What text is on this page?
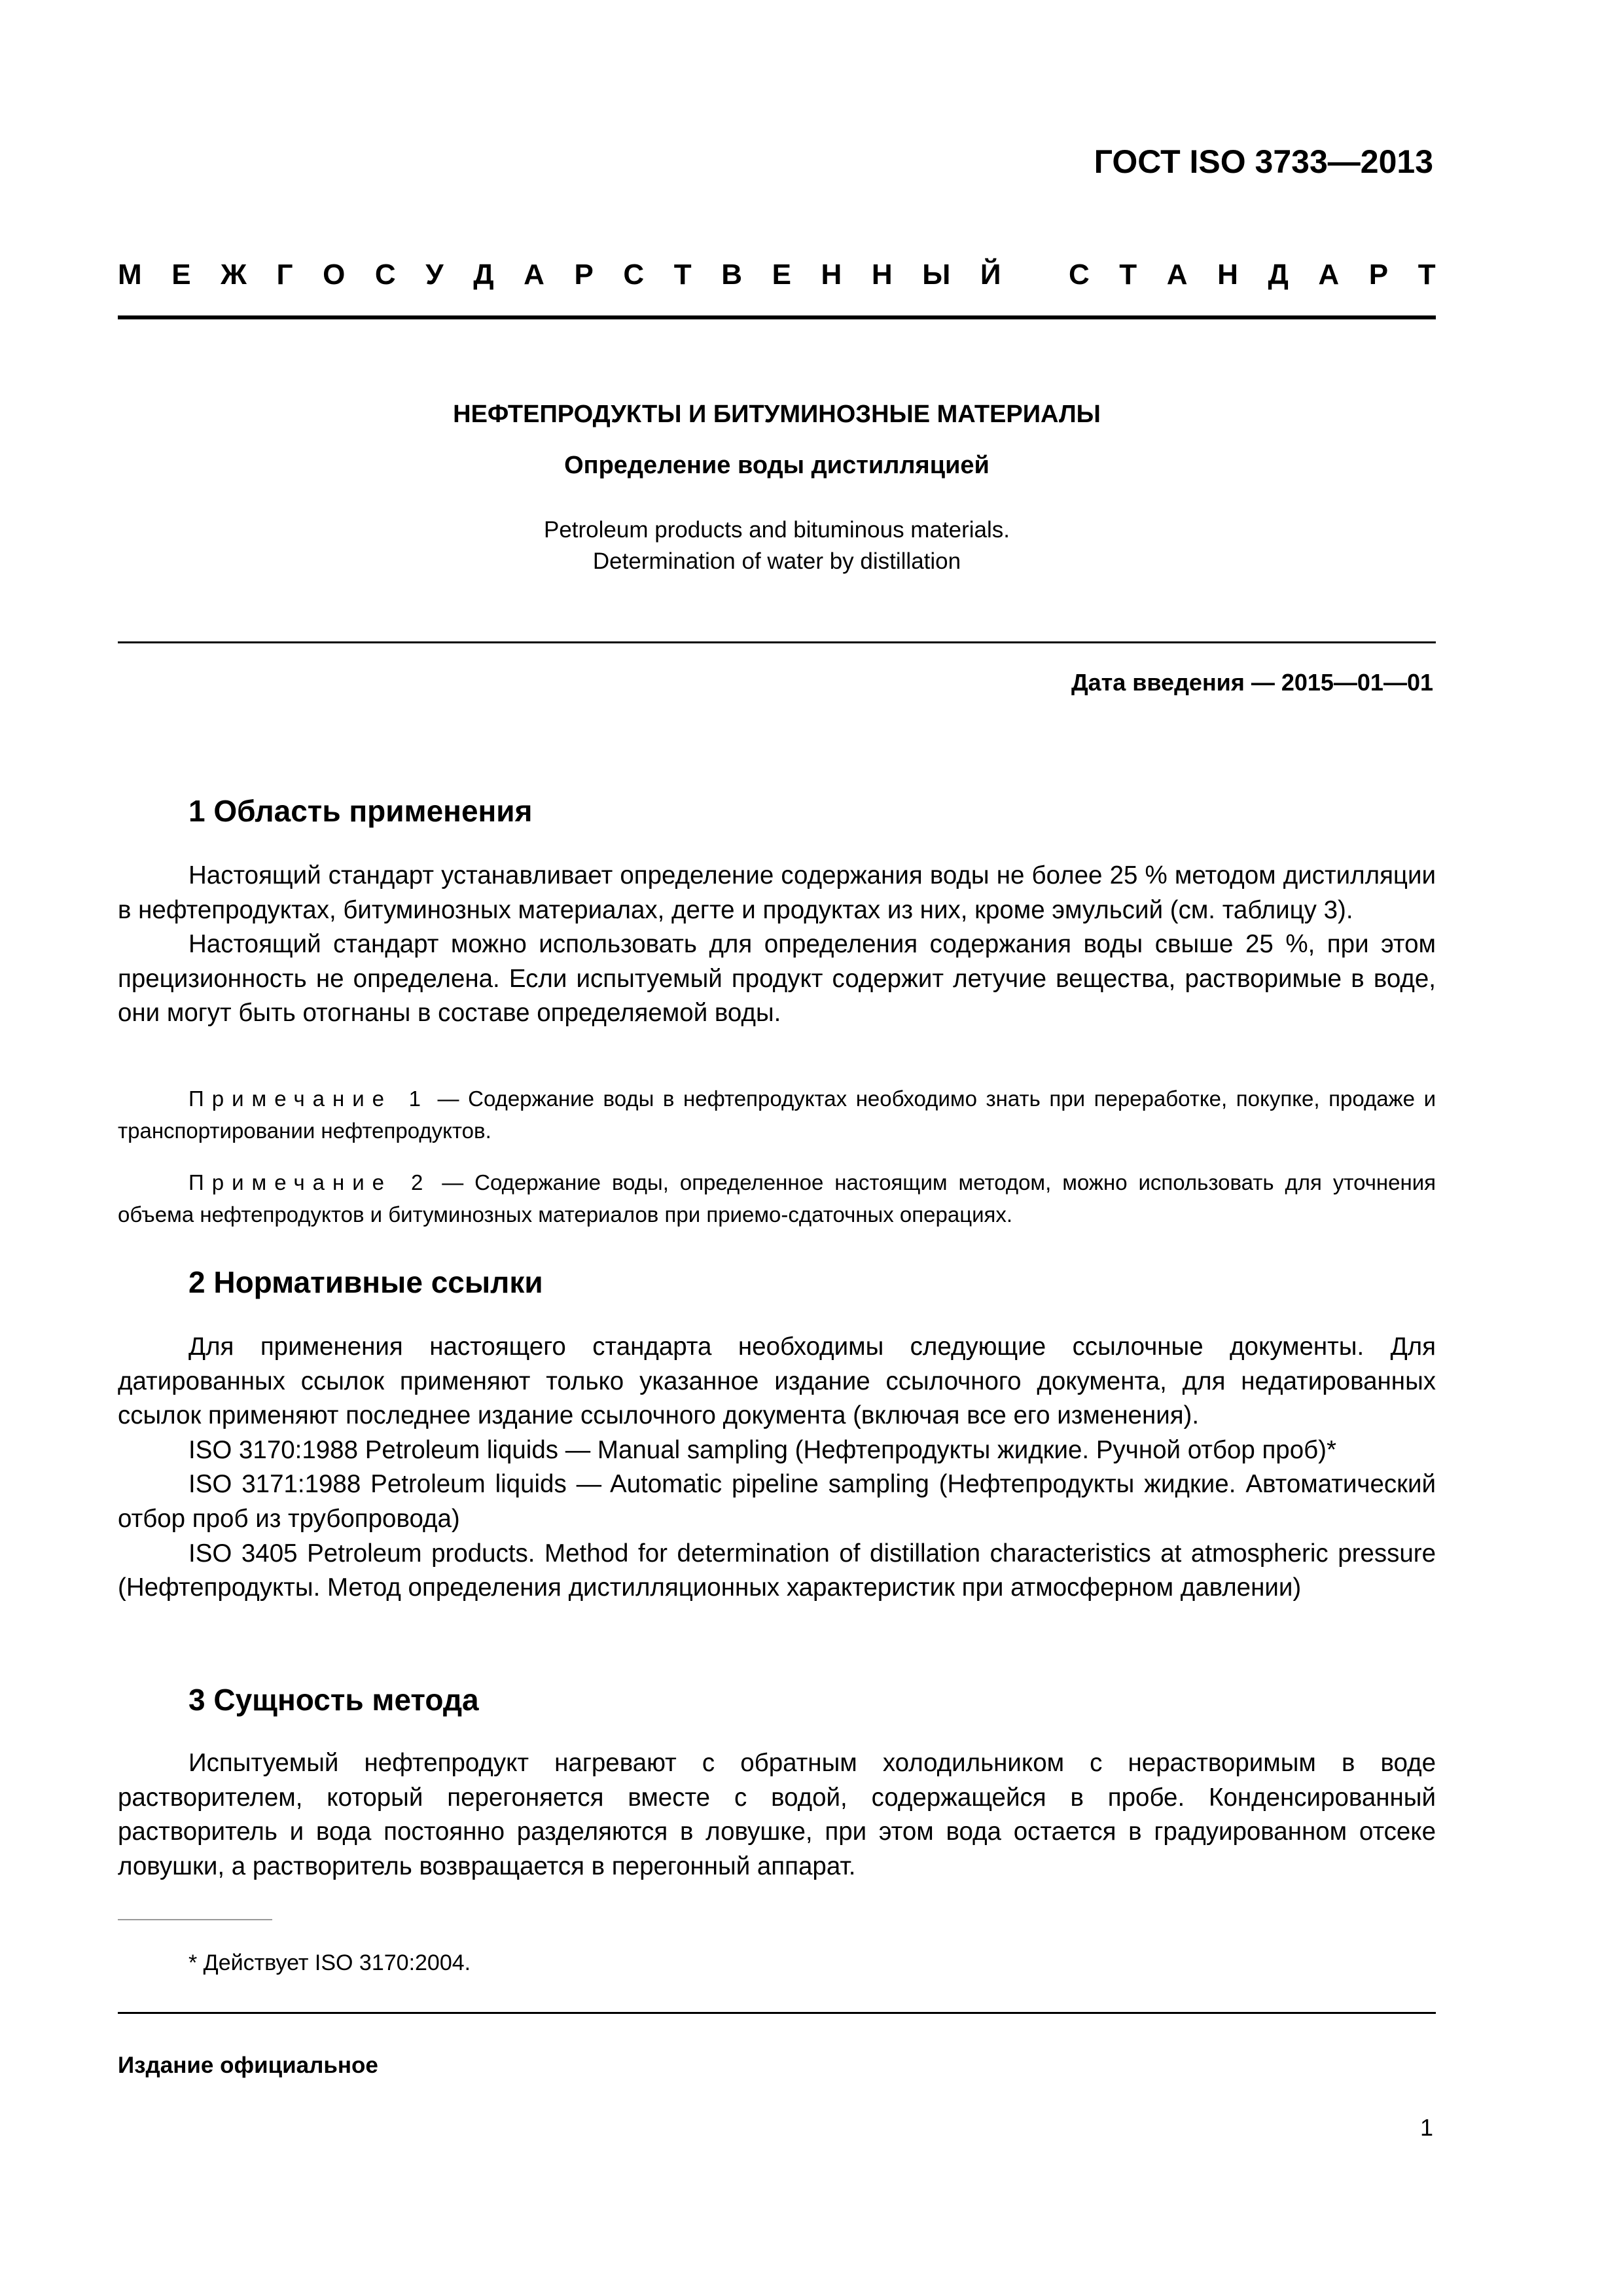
ГОСТ ISO 3733—2013
М Е Ж Г О С У Д А Р С Т В Е Н Н Ы Й
С Т А Н Д А Р Т
НЕФТЕПРОДУКТЫ И БИТУМИНОЗНЫЕ МАТЕРИАЛЫ
Определение воды дистилляцией
Petroleum products and bituminous materials.
Determination of water by distillation
Дата введения — 2015—01—01
1 Область применения

Настоящий стандарт устанавливает определение содержания воды не более 25 % методом дистилляции в нефтепродуктах, битуминозных материалах, дегте и продуктах из них, кроме эмульсий (см. таблицу 3).

Настоящий стандарт можно использовать для определения содержания воды свыше 25 %, при этом прецизионность не определена. Если испытуемый продукт содержит летучие вещества, растворимые в воде, они могут быть отогнаны в составе определяемой воды.

Примечание 1 — Содержание воды в нефтепродуктах необходимо знать при переработке, покупке, продаже и транспортировании нефтепродуктов.

Примечание 2 — Содержание воды, определенное настоящим методом, можно использовать для уточнения объема нефтепродуктов и битуминозных материалов при приемо-сдаточных операциях.

2 Нормативные ссылки

Для применения настоящего стандарта необходимы следующие ссылочные документы. Для датированных ссылок применяют только указанное издание ссылочного документа, для недатированных ссылок применяют последнее издание ссылочного документа (включая все его изменения).

ISO 3170:1988 Petroleum liquids — Manual sampling (Нефтепродукты жидкие. Ручной отбор проб)*

ISO 3171:1988 Petroleum liquids — Automatic pipeline sampling (Нефтепродукты жидкие. Автоматический отбор проб из трубопровода)

ISO 3405 Petroleum products. Method for determination of distillation characteristics at atmospheric pressure (Нефтепродукты. Метод определения дистилляционных характеристик при атмосферном давлении)

3 Сущность метода

Испытуемый нефтепродукт нагревают с обратным холодильником с нерастворимым в воде растворителем, который перегоняется вместе с водой, содержащейся в пробе. Конденсированный растворитель и вода постоянно разделяются в ловушке, при этом вода остается в градуированном отсеке ловушки, а растворитель возвращается в перегонный аппарат.

* Действует ISO 3170:2004.
Издание официальное
1
